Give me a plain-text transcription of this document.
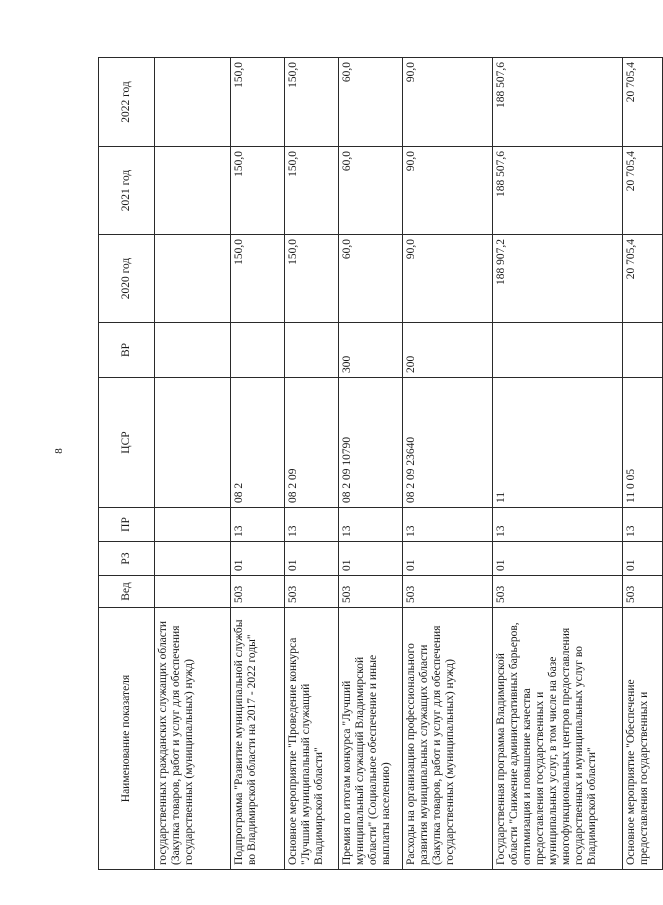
8
Наименование показателя	Вед	РЗ	ПР	ЦСР	ВР	2020 год	2021 год	2022 год
государственных гражданских служащих области (Закупка товаров, работ и услуг для обеспечения государственных (муниципальных) нужд)								
Подпрограмма "Развитие муниципальной службы во Владимирской области на 2017 - 2022 годы"	503	01	13	08 2		150,0	150,0	150,0
Основное мероприятие "Проведение конкурса "Лучший муниципальный служащий Владимирской области"	503	01	13	08 2 09		150,0	150,0	150,0
Премия по итогам конкурса "Лучший муниципальный служащий Владимирской области" (Социальное обеспечение и иные выплаты населению)	503	01	13	08 2 09 10790	300	60,0	60,0	60,0
Расходы на организацию профессионального развития муниципальных служащих области (Закупка товаров, работ и услуг для обеспечения государственных (муниципальных) нужд)	503	01	13	08 2 09 23640	200	90,0	90,0	90,0
Государственная программа Владимирской области "Снижение административных барьеров, оптимизация и повышение качества предоставления государственных и муниципальных услуг, в том числе на базе многофункциональных центров предоставления государственных и муниципальных услуг во Владимирской области"	503	01	13	11		188 907,2	188 507,6	188 507,6
Основное мероприятие "Обеспечение предоставления государственных и	503	01	13	11 0 05		20 705,4	20 705,4	20 705,4
